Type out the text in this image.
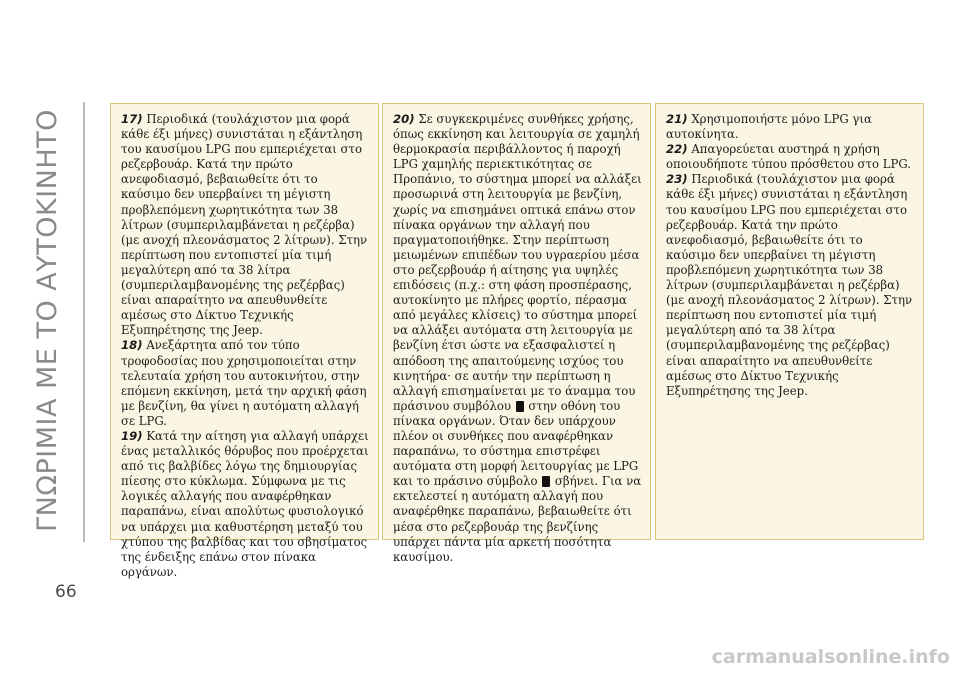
ΓΝΩΡΙΜΙΑ ΜΕ ΤΟ ΑΥΤΟΚΙΝΗΤΟ	17) Περιοδικά (τουλάχιστον μια φορά κάθε έξι μήνες) συνιστάται η εξάντληση του καυσίμου LPG που εμπεριέχεται στο ρεζερβουάρ. Κατά την πρώτο ανεφοδιασμό, βεβαιωθείτε ότι το καύσιμο δεν υπερβαίνει τη μέγιστη προβλεπόμενη χωρητικότητα των 38 λίτρων (συμπεριλαμβάνεται η ρεζέρβα) (με ανοχή πλεονάσματος 2 λίτρων). Στην περίπτωση που εντοπιστεί μία τιμή μεγαλύτερη από τα 38 λίτρα (συμπεριλαμβανομένης της ρεζέρβας) είναι απαραίτητο να απευθυνθείτε αμέσως στο Δίκτυο Τεχνικής Εξυπηρέτησης της Jeep.

18) Ανεξάρτητα από τον τύπο τροφοδοσίας που χρησιμοποιείται στην τελευταία χρήση του αυτοκινήτου, στην επόμενη εκκίνηση, μετά την αρχική φάση με βενζίνη, θα γίνει η αυτόματη αλλαγή σε LPG.

19) Κατά την αίτηση για αλλαγή υπάρχει ένας μεταλλικός θόρυβος που προέρχεται από τις βαλβίδες λόγω της δημιουργίας πίεσης στο κύκλωμα. Σύμφωνα με τις λογικές αλλαγής που αναφέρθηκαν παραπάνω, είναι απολύτως φυσιολογικό να υπάρχει μια καθυστέρηση μεταξύ του χτύπου της βαλβίδας και του σβησίματος της ένδειξης επάνω στον πίνακα οργάνων.

20) Σε συγκεκριμένες συνθήκες χρήσης, όπως εκκίνηση και λειτουργία σε χαμηλή θερμοκρασία περιβάλλοντος ή παροχή LPG χαμηλής περιεκτικότητας σε Προπάνιο, το σύστημα μπορεί να αλλάξει προσωρινά στη λειτουργία με βενζίνη, χωρίς να επισημάνει οπτικά επάνω στον πίνακα οργάνων την αλλαγή που πραγματοποιήθηκε. Στην περίπτωση μειωμένων επιπέδων του υγραερίου μέσα στο ρεζερβουάρ ή αίτησης για υψηλές επιδόσεις (π.χ.: στη φάση προσπέρασης, αυτοκίνητο με πλήρες φορτίο, πέρασμα από μεγάλες κλίσεις) το σύστημα μπορεί να αλλάξει αυτόματα στη λειτουργία με βενζίνη έτσι ώστε να εξασφαλιστεί η απόδοση της απαιτούμενης ισχύος του κινητήρα· σε αυτήν την περίπτωση η αλλαγή επισημαίνεται με το άναμμα του πράσινου συμβόλου  στην οθόνη του πίνακα οργάνων. Όταν δεν υπάρχουν πλέον οι συνθήκες που αναφέρθηκαν παραπάνω, το σύστημα επιστρέφει αυτόματα στη μορφή λειτουργίας με LPG και το πράσινο σύμβολο  σβήνει. Για να εκτελεστεί η αυτόματη αλλαγή που αναφέρθηκε παραπάνω, βεβαιωθείτε ότι μέσα στο ρεζερβουάρ της βενζίνης υπάρχει πάντα μία αρκετή ποσότητα καυσίμου.

21) Χρησιμοποιήστε μόνο LPG για αυτοκίνητα.

22) Απαγορεύεται αυστηρά η χρήση οποιουδήποτε τύπου πρόσθετου στο LPG.

23) Περιοδικά (τουλάχιστον μια φορά κάθε έξι μήνες) συνιστάται η εξάντληση του καυσίμου LPG που εμπεριέχεται στο ρεζερβουάρ. Κατά την πρώτο ανεφοδιασμό, βεβαιωθείτε ότι το καύσιμο δεν υπερβαίνει τη μέγιστη προβλεπόμενη χωρητικότητα των 38 λίτρων (συμπεριλαμβάνεται η ρεζέρβα) (με ανοχή πλεονάσματος 2 λίτρων). Στην περίπτωση που εντοπιστεί μία τιμή μεγαλύτερη από τα 38 λίτρα (συμπεριλαμβανομένης της ρεζέρβας) είναι απαραίτητο να απευθυνθείτε αμέσως στο Δίκτυο Τεχνικής Εξυπηρέτησης της Jeep.

66
carmanualsonline.info
